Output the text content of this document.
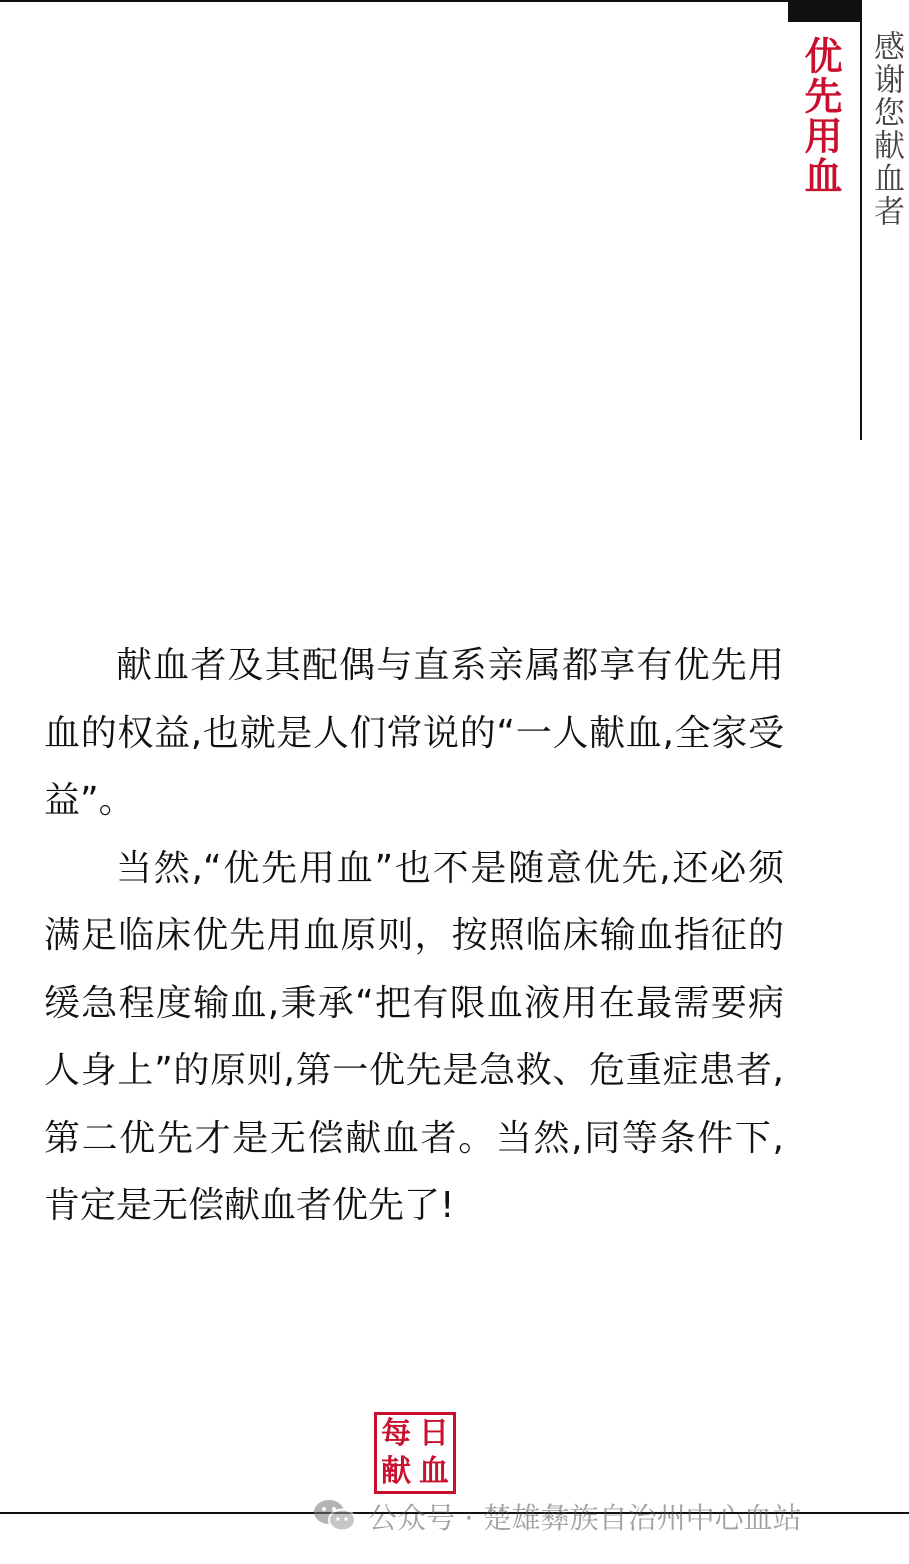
优先用血 感谢您献血者

献血者及其配偶与直系亲属都享有优先用血的权益,也就是人们常说的“一人献血,全家受益”。

当然,“优先用血”也不是随意优先,还必须满足临床优先用血原则，按照临床输血指征的缓急程度输血,秉承“把有限血液用在最需要病人身上”的原则,第一优先是急救、危重症患者,第二优先才是无偿献血者。当然,同等条件下,肯定是无偿献血者优先了!

每 日
献 血
公众号 · 楚雄彝族自治州中心血站
